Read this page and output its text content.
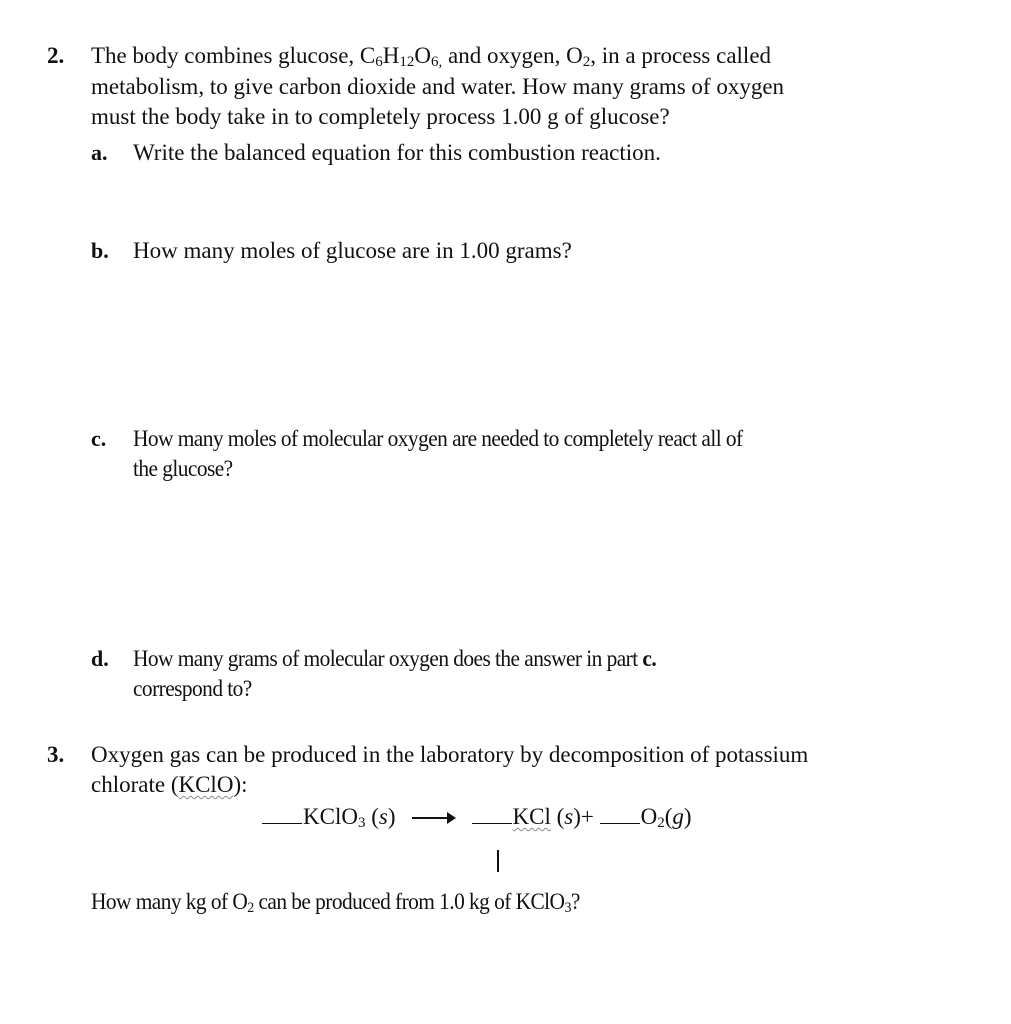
2. The body combines glucose, $C_6H_{12}O_{6,}$ and oxygen, $O_2$, in a process called
metabolism, to give carbon dioxide and water. How many grams of oxygen
must the body take in to completely process 1.00 g of glucose?
a. Write the balanced equation for this combustion reaction.
b. How many moles of glucose are in 1.00 grams?
c. How many moles of molecular oxygen are needed to completely react all of
the glucose?
d. How many grams of molecular oxygen does the answer in part c.
correspond to?
3. Oxygen gas can be produced in the laboratory by decomposition of potassium
chlorate (KClO):
KClO$_3$ (s) →	KCl $(s)+ O_2(g)$
How many kg of $O_2$ can be produced from 1.0 kg of KClO$_3$?
